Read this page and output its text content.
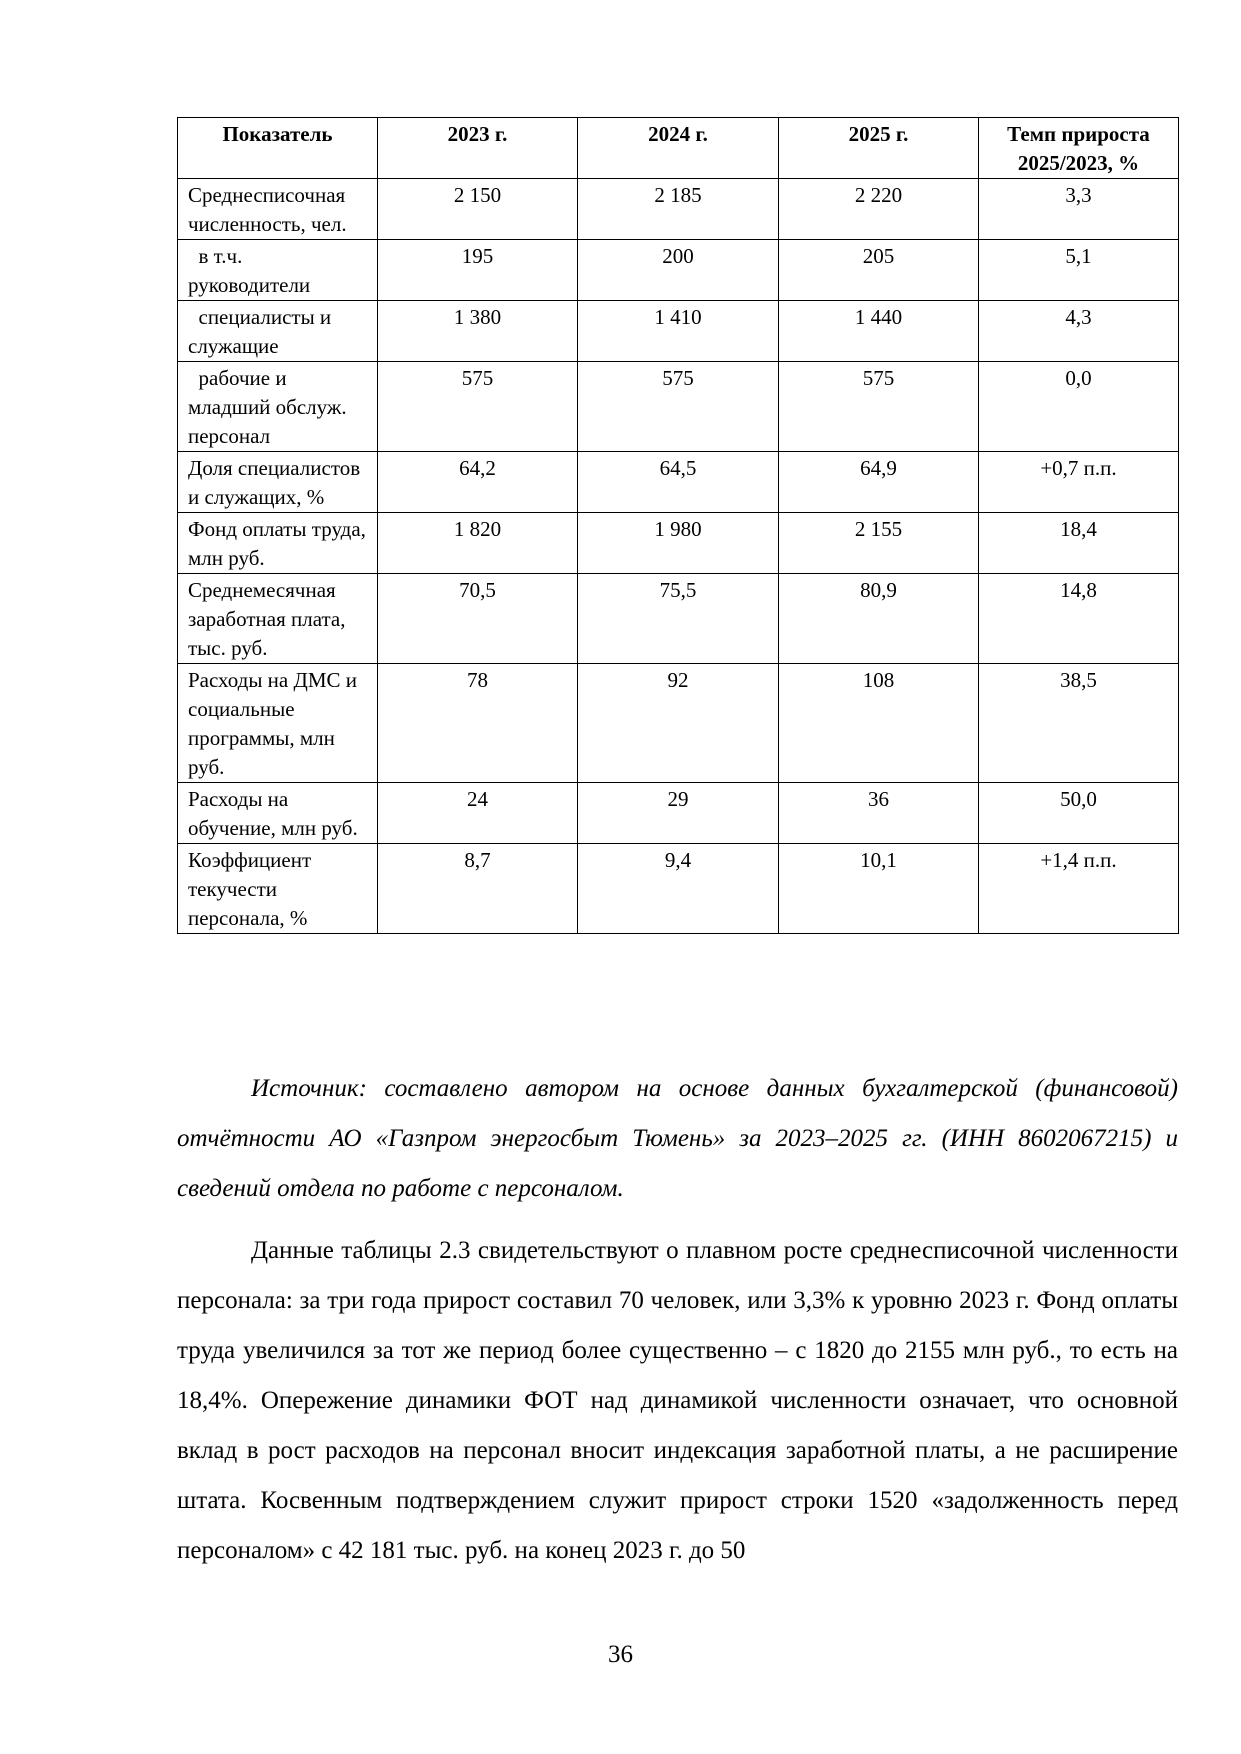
Показатель	2023 г.	2024 г.	2025 г.	Темп прироста 2025/2023, %
Среднесписочная численность, чел.	2 150	2 185	2 220	3,3
в т.ч. руководители	195	200	205	5,1
специалисты и служащие	1 380	1 410	1 440	4,3
рабочие и младший обслуж. персонал	575	575	575	0,0
Доля специалистов и служащих, %	64,2	64,5	64,9	+0,7 п.п.
Фонд оплаты труда, млн руб.	1 820	1 980	2 155	18,4
Среднемесячная заработная плата, тыс. руб.	70,5	75,5	80,9	14,8
Расходы на ДМС и социальные программы, млн руб.	78	92	108	38,5
Расходы на обучение, млн руб.	24	29	36	50,0
Коэффициент текучести персонала, %	8,7	9,4	10,1	+1,4 п.п.

Источник: составлено автором на основе данных бухгалтерской (финансовой) отчётности АО «Газпром энергосбыт Тюмень» за 2023–2025 гг. (ИНН 8602067215) и сведений отдела по работе с персоналом.

Данные таблицы 2.3 свидетельствуют о плавном росте среднесписочной численности персонала: за три года прирост составил 70 человек, или 3,3% к уровню 2023 г. Фонд оплаты труда увеличился за тот же период более существенно – с 1820 до 2155 млн руб., то есть на 18,4%. Опережение динамики ФОТ над динамикой численности означает, что основной вклад в рост расходов на персонал вносит индексация заработной платы, а не расширение штата. Косвенным подтверждением служит прирост строки 1520 «задолженность перед персоналом» с 42 181 тыс. руб. на конец 2023 г. до 50

36
